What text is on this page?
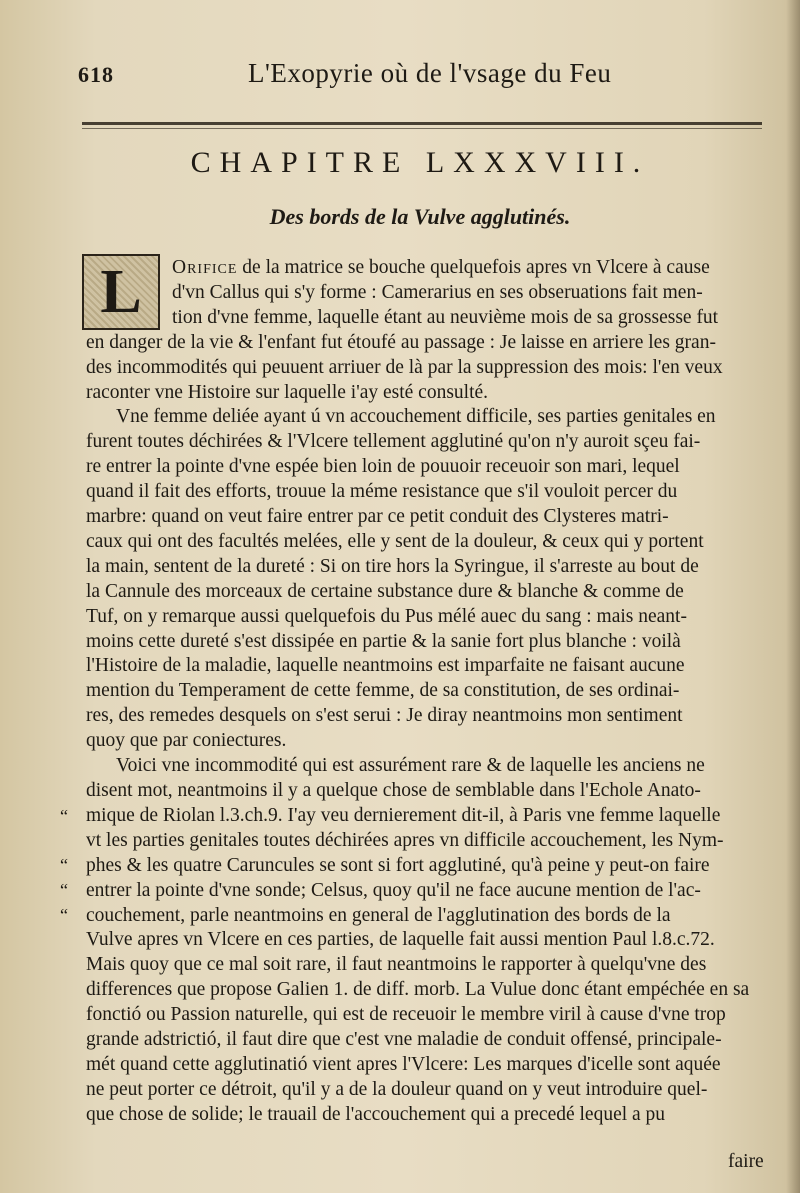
618	L'Exopyrie où de l'vsage du Feu
CHAPITRE LXXXVIII.
Des bords de la Vulve agglutinés.
L	Orifice de la matrice se bouche quelquefois apres vn Vlcere à cause
d'vn Callus qui s'y forme : Camerarius en ses obseruations fait men-
tion d'vne femme, laquelle étant au neuvième mois de sa grossesse fut
en danger de la vie & l'enfant fut étoufé au passage : Je laisse en arriere les gran-
des incommodités qui peuuent arriuer de là par la suppression des mois: l'en veux
raconter vne Histoire sur laquelle i'ay esté consulté.
Vne femme deliée ayant ú vn accouchement difficile, ses parties genitales en
furent toutes déchirées & l'Vlcere tellement agglutiné qu'on n'y auroit sçeu fai-
re entrer la pointe d'vne espée bien loin de pouuoir receuoir son mari, lequel
quand il fait des efforts, trouue la méme resistance que s'il vouloit percer du
marbre: quand on veut faire entrer par ce petit conduit des Clysteres matri-
caux qui ont des facultés melées, elle y sent de la douleur, & ceux qui y portent
la main, sentent de la dureté : Si on tire hors la Syringue, il s'arreste au bout de
la Cannule des morceaux de certaine substance dure & blanche & comme de
Tuf, on y remarque aussi quelquefois du Pus mélé auec du sang : mais neant-
moins cette dureté s'est dissipée en partie & la sanie fort plus blanche : voilà
l'Histoire de la maladie, laquelle neantmoins est imparfaite ne faisant aucune
mention du Temperament de cette femme, de sa constitution, de ses ordinai-
res, des remedes desquels on s'est serui : Je diray neantmoins mon sentiment
quoy que par coniectures.
Voici vne incommodité qui est assurément rare & de laquelle les anciens ne
disent mot, neantmoins il y a quelque chose de semblable dans l'Echole Anato-
mique de Riolan l.3.ch.9. I'ay veu dernierement dit-il, à Paris vne femme laquelle
vt les parties genitales toutes déchirées apres vn difficile accouchement, les Nym-
phes & les quatre Caruncules se sont si fort agglutiné, qu'à peine y peut-on faire
entrer la pointe d'vne sonde; Celsus, quoy qu'il ne face aucune mention de l'ac-
couchement, parle neantmoins en general de l'agglutination des bords de la
Vulve apres vn Vlcere en ces parties, de laquelle fait aussi mention Paul l.8.c.72.
Mais quoy que ce mal soit rare, il faut neantmoins le rapporter à quelqu'vne des
differences que propose Galien 1. de diff. morb. La Vulue donc étant empéchée en sa
fonctió ou Passion naturelle, qui est de receuoir le membre viril à cause d'vne trop
grande adstrictió, il faut dire que c'est vne maladie de conduit offensé, principale-
mét quand cette agglutinatió vient apres l'Vlcere: Les marques d'icelle sont aquée
ne peut porter ce détroit, qu'il y a de la douleur quand on y veut introduire quel-
que chose de solide; le trauail de l'accouchement qui a precedé lequel a pu
“
“
“
“
faire
